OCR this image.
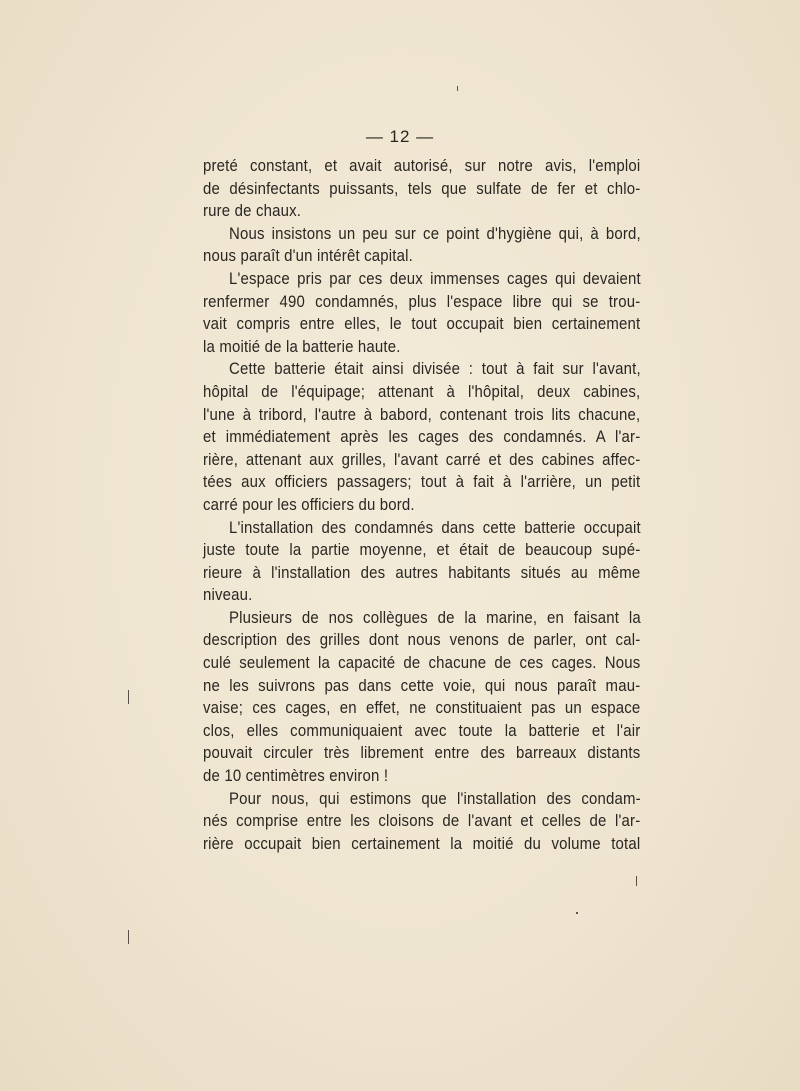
— 12 —

preté constant, et avait autorisé, sur notre avis, l'emploi
de désinfectants puissants, tels que sulfate de fer et chlo-
rure de chaux.

Nous insistons un peu sur ce point d'hygiène qui, à bord,
nous paraît d'un intérêt capital.

L'espace pris par ces deux immenses cages qui devaient
renfermer 490 condamnés, plus l'espace libre qui se trou-
vait compris entre elles, le tout occupait bien certainement
la moitié de la batterie haute.

Cette batterie était ainsi divisée : tout à fait sur l'avant,
hôpital de l'équipage; attenant à l'hôpital, deux cabines,
l'une à tribord, l'autre à babord, contenant trois lits chacune,
et immédiatement après les cages des condamnés. A l'ar-
rière, attenant aux grilles, l'avant carré et des cabines affec-
tées aux officiers passagers; tout à fait à l'arrière, un petit
carré pour les officiers du bord.

L'installation des condamnés dans cette batterie occupait
juste toute la partie moyenne, et était de beaucoup supé-
rieure à l'installation des autres habitants situés au même
niveau.

Plusieurs de nos collègues de la marine, en faisant la
description des grilles dont nous venons de parler, ont cal-
culé seulement la capacité de chacune de ces cages. Nous
ne les suivrons pas dans cette voie, qui nous paraît mau-
vaise; ces cages, en effet, ne constituaient pas un espace
clos, elles communiquaient avec toute la batterie et l'air
pouvait circuler très librement entre des barreaux distants
de 10 centimètres environ !

Pour nous, qui estimons que l'installation des condam-
nés comprise entre les cloisons de l'avant et celles de l'ar-
rière occupait bien certainement la moitié du volume total
